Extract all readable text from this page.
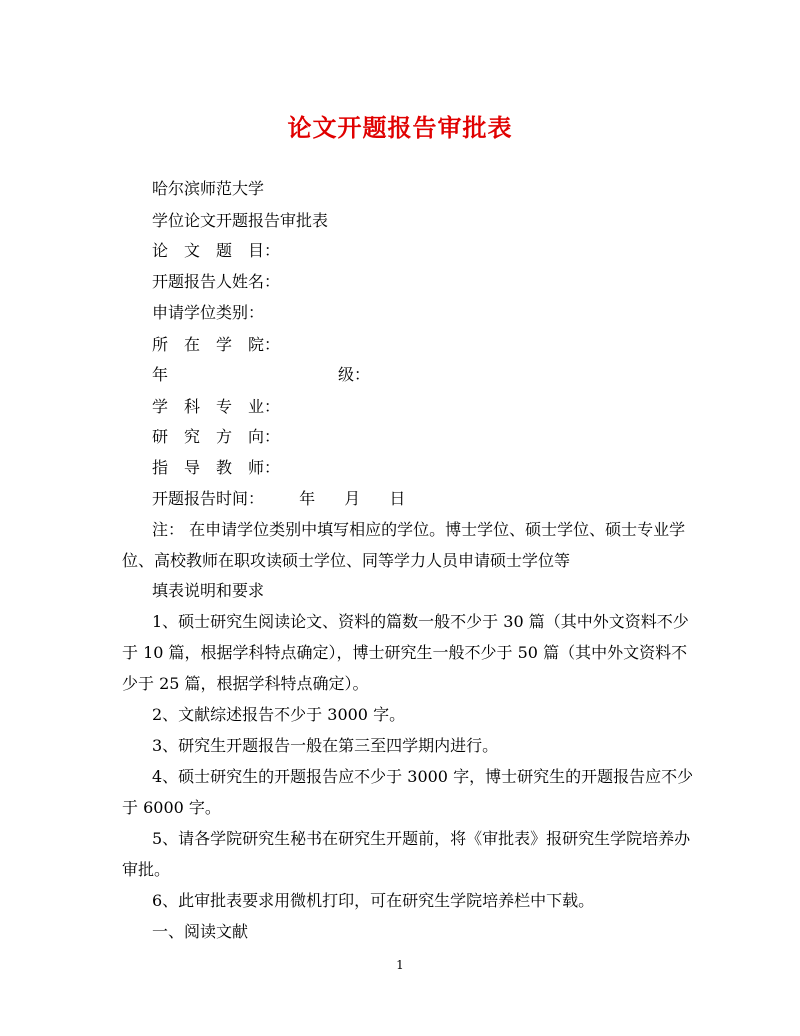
论文开题报告审批表
哈尔滨师范大学
学位论文开题报告审批表
论　文　题　目：
开题报告人姓名：
申请学位类别：
所　在　学　院：
年	级：
学　科　专　业：
研　究　方　向：
指　导　教　师：
开题报告时间： 年 月 日
注： 在申请学位类别中填写相应的学位。博士学位、硕士学位、硕士专业学
位、高校教师在职攻读硕士学位、同等学力人员申请硕士学位等
填表说明和要求
1、硕士研究生阅读论文、资料的篇数一般不少于 30 篇（其中外文资料不少
于 10 篇，根据学科特点确定），博士研究生一般不少于 50 篇（其中外文资料不
少于 25 篇，根据学科特点确定）。
2、文献综述报告不少于 3000 字。
3、研究生开题报告一般在第三至四学期内进行。
4、硕士研究生的开题报告应不少于 3000 字，博士研究生的开题报告应不少
于 6000 字。
5、请各学院研究生秘书在研究生开题前，将《审批表》报研究生学院培养办
审批。
6、此审批表要求用微机打印，可在研究生学院培养栏中下载。
一、阅读文献
1
